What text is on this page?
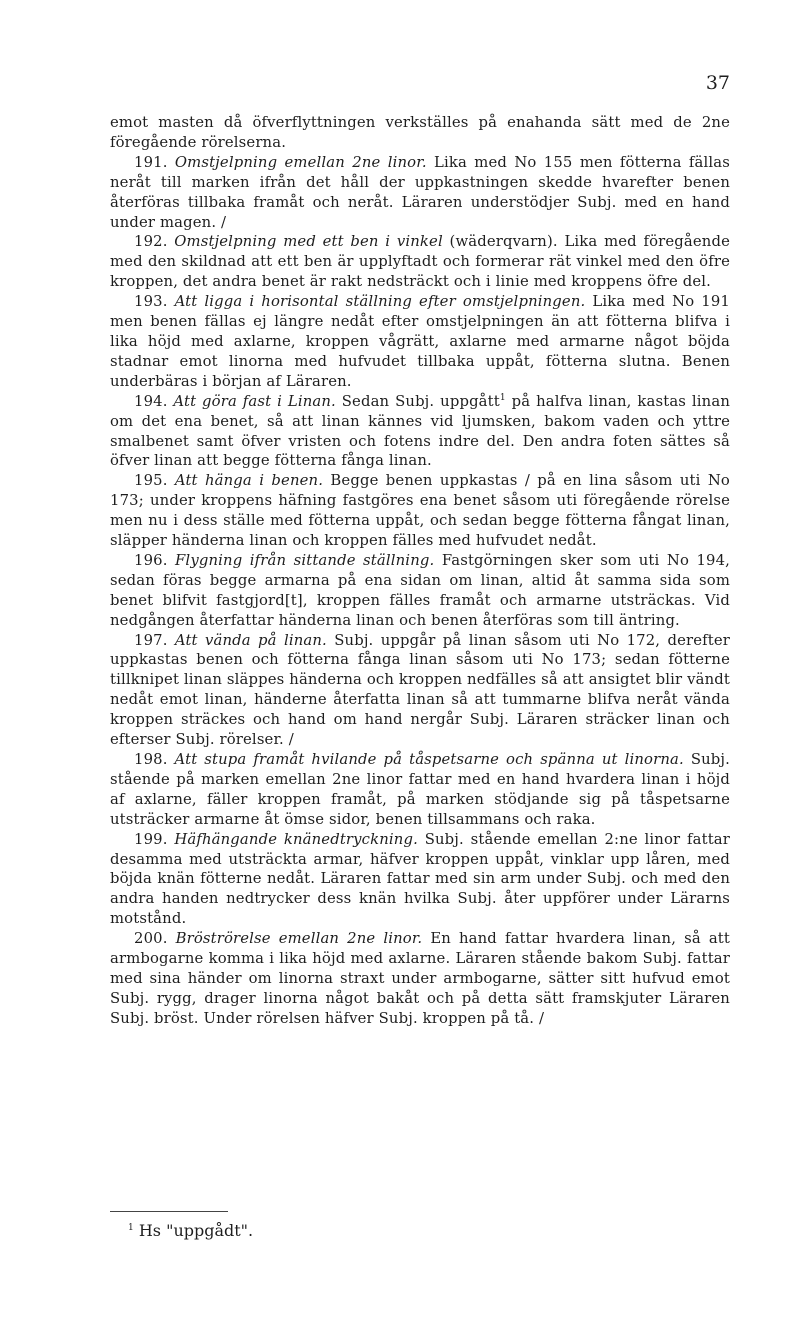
37

emot masten då öfverflyttningen verkställes på enahanda sätt med de 2ne föregående rörelserna.

191. Omstjelpning emellan 2ne linor. Lika med No 155 men fötterna fällas neråt till marken ifrån det håll der uppkastningen skedde hvarefter benen återföras tillbaka framåt och neråt. Läraren understödjer Subj. med en hand under magen. /

192. Omstjelpning med ett ben i vinkel (wäderqvarn). Lika med föregående med den skildnad att ett ben är upplyftadt och formerar rät vinkel med den öfre kroppen, det andra benet är rakt nedsträckt och i linie med kroppens öfre del.

193. Att ligga i horisontal ställning efter omstjelpningen. Lika med No 191 men benen fällas ej längre nedåt efter omstjelpningen än att fötterna blifva i lika höjd med axlarne, kroppen vågrätt, axlarne med armarne något böjda stadnar emot linorna med hufvudet tillbaka uppåt, fötterna slutna. Benen underbäras i början af Läraren.

194. Att göra fast i Linan. Sedan Subj. uppgått$^1$ på halfva linan, kastas linan om det ena benet, så att linan kännes vid ljumsken, bakom vaden och yttre smalbenet samt öfver vristen och fotens indre del. Den andra foten sättes så öfver linan att begge fötterna fånga linan.

195. Att hänga i benen. Begge benen uppkastas / på en lina såsom uti No 173; under kroppens häfning fastgöres ena benet såsom uti föregående rörelse men nu i dess ställe med fötterna uppåt, och sedan begge fötterna fångat linan, släpper händerna linan och kroppen fälles med hufvudet nedåt.

196. Flygning ifrån sittande ställning. Fastgörningen sker som uti No 194, sedan föras begge armarna på ena sidan om linan, altid åt samma sida som benet blifvit fastgjord[t], kroppen fälles framåt och armarne utsträckas. Vid nedgången återfattar händerna linan och benen återföras som till äntring.

197. Att vända på linan. Subj. uppgår på linan såsom uti No 172, derefter uppkastas benen och fötterna fånga linan såsom uti No 173; sedan fötterne tillknipet linan släppes händerna och kroppen nedfälles så att ansigtet blir vändt nedåt emot linan, händerne återfatta linan så att tummarne blifva neråt vända kroppen sträckes och hand om hand nergår Subj. Läraren sträcker linan och efterser Subj. rörelser. /

198. Att stupa framåt hvilande på tåspetsarne och spänna ut linorna. Subj. stående på marken emellan 2ne linor fattar med en hand hvardera linan i höjd af axlarne, fäller kroppen framåt, på marken stödjande sig på tåspetsarne utsträcker armarne åt ömse sidor, benen tillsammans och raka.

199. Häfhängande knänedtryckning. Subj. stående emellan 2:ne linor fattar desamma med utsträckta armar, häfver kroppen uppåt, vinklar upp låren, med böjda knän fötterne nedåt. Läraren fattar med sin arm under Subj. och med den andra handen nedtrycker dess knän hvilka Subj. åter uppförer under Lärarns motstånd.

200. Bröströrelse emellan 2ne linor. En hand fattar hvardera linan, så att armbogarne komma i lika höjd med axlarne. Läraren stående bakom Subj. fattar med sina händer om linorna straxt under armbogarne, sätter sitt hufvud emot Subj. rygg, drager linorna något bakåt och på detta sätt framskjuter Läraren Subj. bröst. Under rörelsen häfver Subj. kroppen på tå. /

$^1$ Hs "uppgådt".
